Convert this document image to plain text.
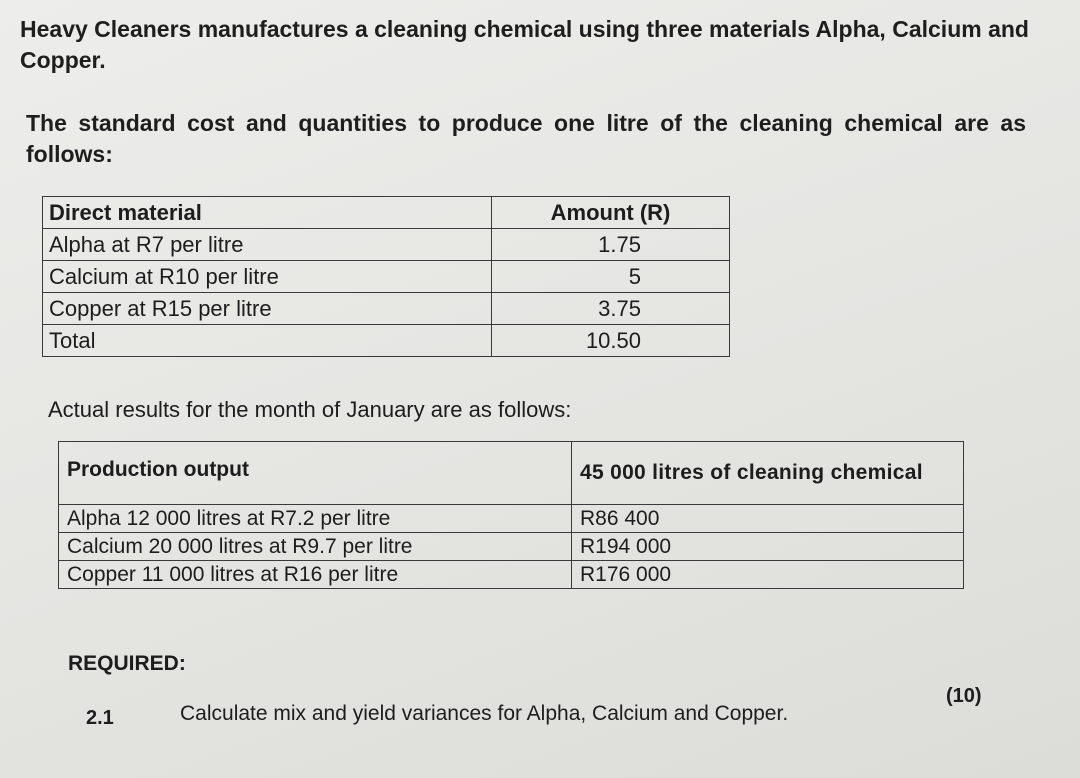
Heavy Cleaners manufactures a cleaning chemical using three materials Alpha, Calcium and Copper.

The standard cost and quantities to produce one litre of the cleaning chemical are as follows:

Direct material	Amount (R)
Alpha at R7 per litre	1.75
Calcium at R10 per litre	5
Copper at R15 per litre	3.75
Total	10.50

Actual results for the month of January are as follows:

Production output	45 000 litres of cleaning chemical
Alpha 12 000 litres at R7.2 per litre	R86 400
Calcium 20 000 litres at R9.7 per litre	R194 000
Copper 11 000 litres at R16 per litre	R176 000

REQUIRED:

2.1	Calculate mix and yield variances for Alpha, Calcium and Copper.
(10)
